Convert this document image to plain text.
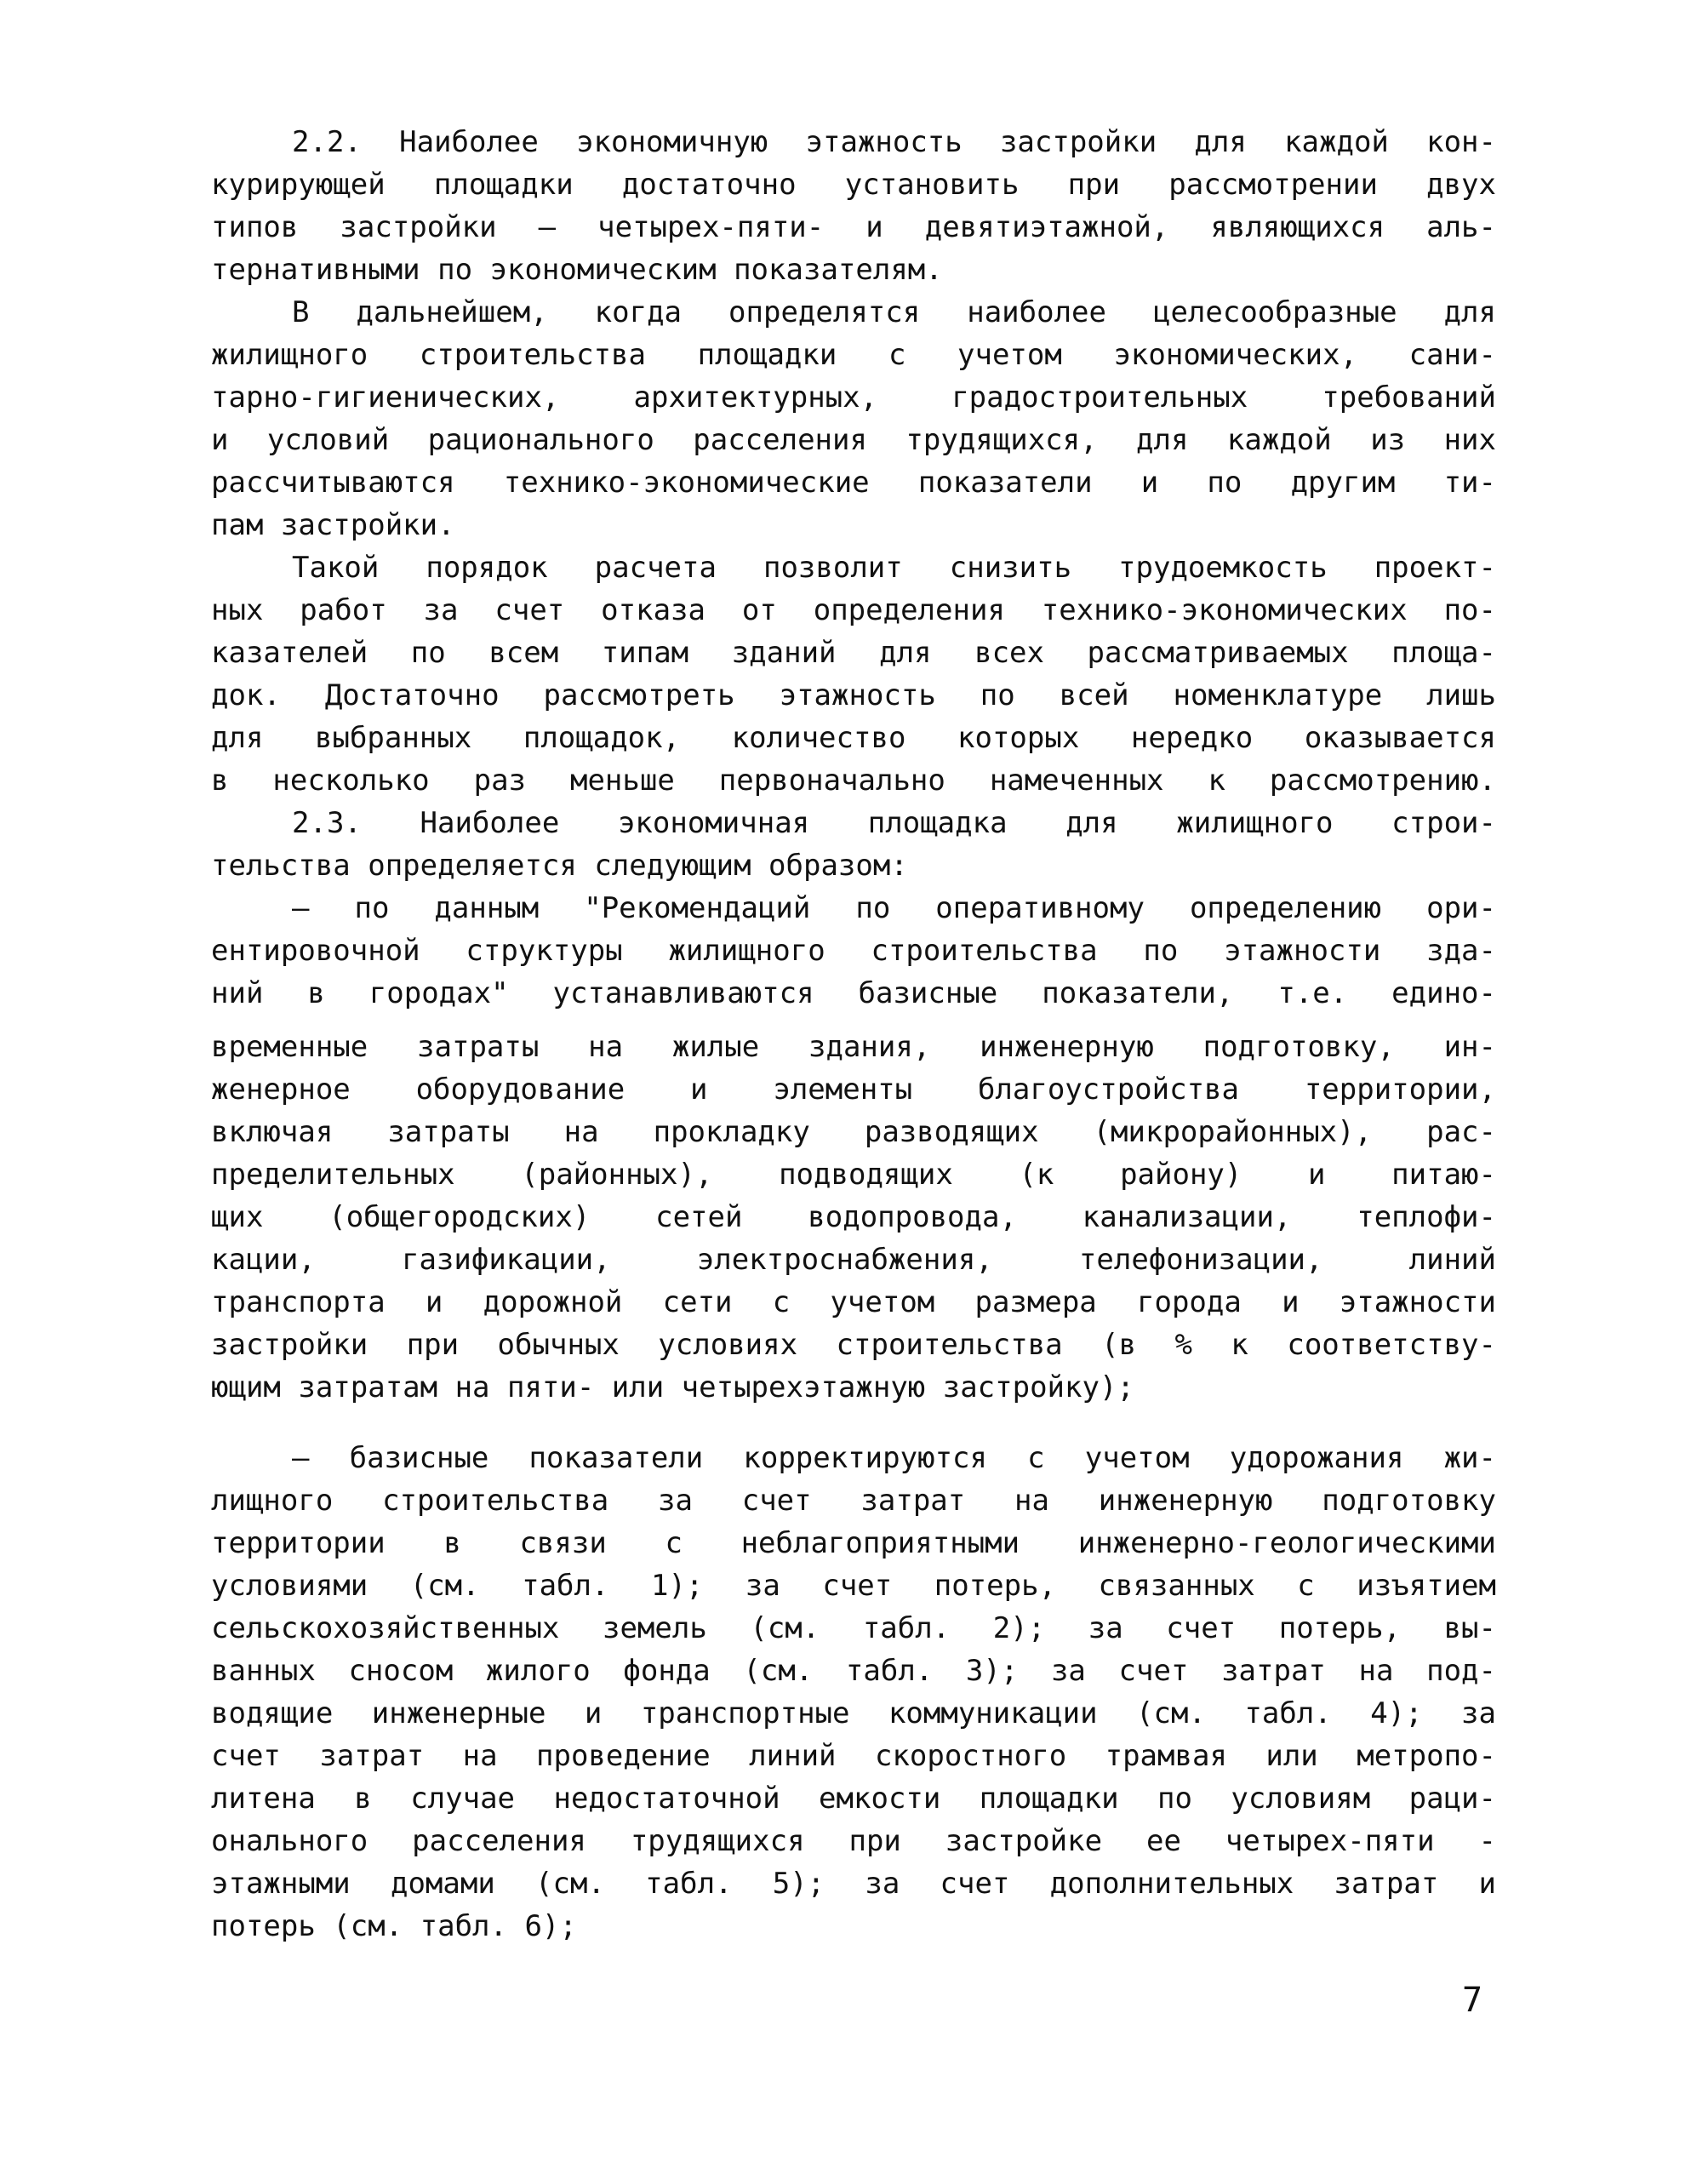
2.2. Наиболее экономичную этажность застройки для каждой кон-
курирующей площадки достаточно установить при рассмотрении двух
типов застройки – четырех-пяти- и девятиэтажной, являющихся аль-
тернативными по экономическим показателям.
В дальнейшем, когда определятся наиболее целесообразные для
жилищного строительства площадки с учетом экономических, сани-
тарно-гигиенических, архитектурных, градостроительных требований
и условий рационального расселения трудящихся, для каждой из них
рассчитываются технико-экономические показатели и по другим ти-
пам застройки.
Такой порядок расчета позволит снизить трудоемкость проект-
ных работ за счет отказа от определения технико-экономических по-
казателей по всем типам зданий для всех рассматриваемых площа-
док. Достаточно рассмотреть этажность по всей номенклатуре лишь
для выбранных площадок, количество которых нередко оказывается
в несколько раз меньше первоначально намеченных к рассмотрению.
2.3. Наиболее экономичная площадка для жилищного строи-
тельства определяется следующим образом:
– по данным "Рекомендаций по оперативному определению ори-
ентировочной структуры жилищного строительства по этажности зда-
ний в городах" устанавливаются базисные показатели, т.е. едино-
временные затраты на жилые здания, инженерную подготовку, ин-
женерное оборудование и элементы благоустройства территории,
включая затраты на прокладку разводящих (микрорайонных), рас-
пределительных (районных), подводящих (к району) и питаю-
щих (общегородских) сетей водопровода, канализации, теплофи-
кации, газификации, электроснабжения, телефонизации, линий
транспорта и дорожной сети с учетом размера города и этажности
застройки при обычных условиях строительства (в % к соответству-
ющим затратам на пяти- или четырехэтажную застройку);
– базисные показатели корректируются с учетом удорожания жи-
лищного строительства за счет затрат на инженерную подготовку
территории в связи с неблагоприятными инженерно-геологическими
условиями (см. табл. 1); за счет потерь, связанных с изъятием
сельскохозяйственных земель (см. табл. 2); за счет потерь, вы-
ванных сносом жилого фонда (см. табл. 3); за счет затрат на под-
водящие инженерные и транспортные коммуникации (см. табл. 4); за
счет затрат на проведение линий скоростного трамвая или метропо-
литена в случае недостаточной емкости площадки по условиям раци-
онального расселения трудящихся при застройке ее четырех-пяти -
этажными домами (см. табл. 5); за счет дополнительных затрат и
потерь (см. табл. 6);
7
